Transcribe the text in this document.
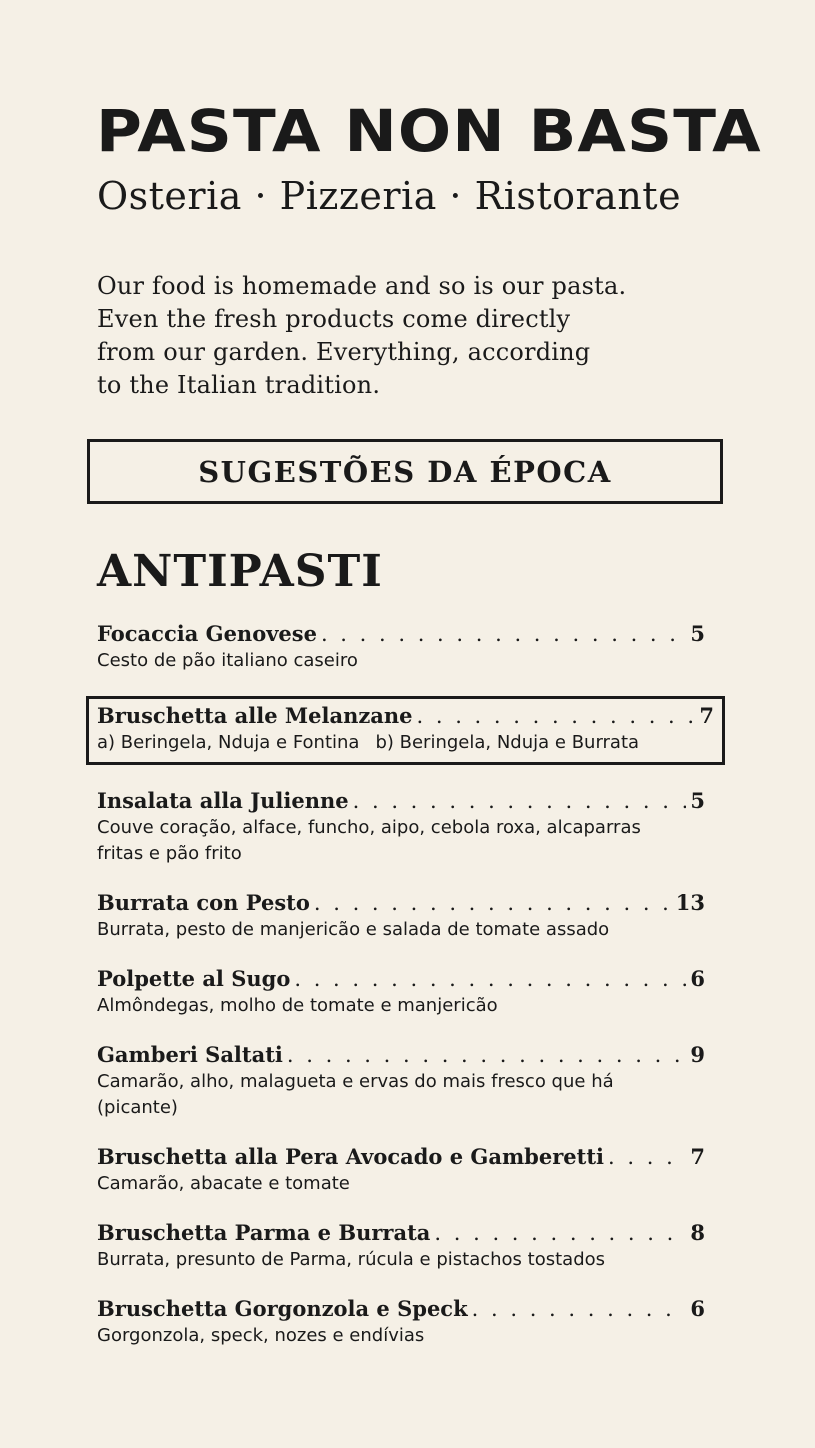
PASTA NON BASTA
Osteria · Pizzeria · Ristorante
Our food is homemade and so is our pasta.
Even the fresh products come directly
from our garden. Everything, according
to the Italian tradition.
SUGESTÕES DA ÉPOCA
ANTIPASTI
Focaccia Genovese . . .	5
Cesto de pão italiano caseiro
Bruschetta alle Melanzane . . .	7
a) Beringela, Nduja e Fontina b) Beringela, Nduja e Burrata
Insalata alla Julienne . . .	5
Couve coração, alface, funcho, aipo, cebola roxa, alcaparras fritas e pão frito
Burrata con Pesto . . .	13
Burrata, pesto de manjericão e salada de tomate assado
Polpette al Sugo . . .	6
Almôndegas, molho de tomate e manjericão
Gamberi Saltati . . .	9
Camarão, alho, malagueta e ervas do mais fresco que há (picante)
Bruschetta alla Pera Avocado e Gamberetti . . .	7
Camarão, abacate e tomate
Bruschetta Parma e Burrata . . .	8
Burrata, presunto de Parma, rúcula e pistachos tostados
Bruschetta Gorgonzola e Speck . . .	6
Gorgonzola, speck, nozes e endívias
